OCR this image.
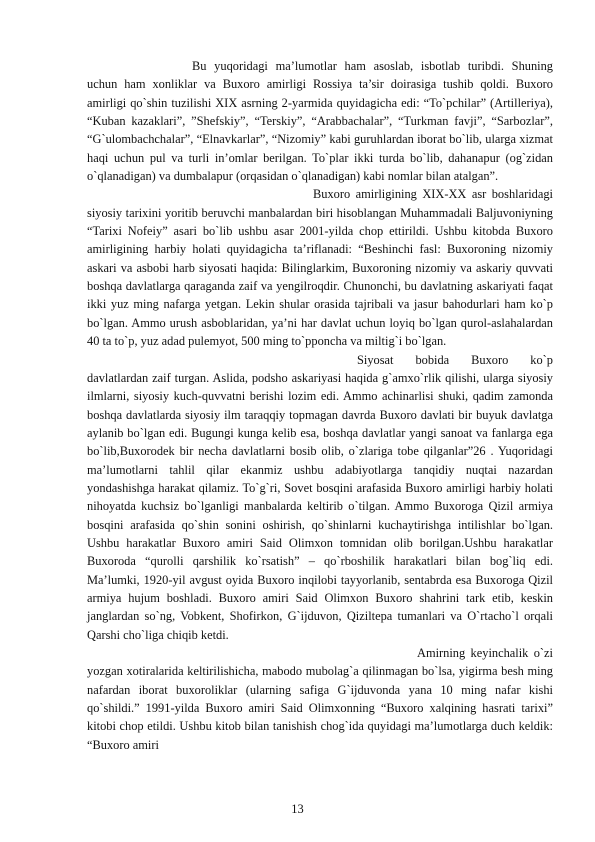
Bu yuqoridagi ma’lumotlar ham asoslab, isbotlab turibdi. Shuning uchun ham xonliklar va Buxoro amirligi Rossiya ta’sir doirasiga tushib qoldi. Buxoro amirligi qo`shin tuzilishi XIX asrning 2-yarmida quyidagicha edi: “To`pchilar” (Artilleriya), “Kuban kazaklari”, ”Shefskiy”, “Terskiy”, “Arabbachalar”, “Turkman favji”, “Sarbozlar”, “G`ulombachchalar”, “Elnavkarlar”, “Nizomiy” kabi guruhlardan iborat bo`lib, ularga xizmat haqi uchun pul va turli in’omlar berilgan. To`plar ikki turda bo`lib, dahanapur (og`zidan o`qlanadigan) va dumbalapur (orqasidan o`qlanadigan) kabi nomlar bilan atalgan”.

Buxoro amirligining XIX-XX asr boshlaridagi siyosiy tarixini yoritib beruvchi manbalardan biri hisoblangan Muhammadali Baljuvoniyning “Tarixi Nofeiy” asari bo`lib ushbu asar 2001-yilda chop ettirildi. Ushbu kitobda Buxoro amirligining harbiy holati quyidagicha ta’riflanadi: “Beshinchi fasl: Buxoroning nizomiy askari va asbobi harb siyosati haqida: Bilinglarkim, Buxoroning nizomiy va askariy quvvati boshqa davlatlarga qaraganda zaif va yengilroqdir. Chunonchi, bu davlatning askariyati faqat ikki yuz ming nafarga yetgan. Lekin shular orasida tajribali va jasur bahodurlari ham ko`p bo`lgan. Ammo urush asboblaridan, ya’ni har davlat uchun loyiq bo`lgan qurol-aslahalardan 40 ta to`p, yuz adad pulemyot, 500 ming to`pponcha va miltig`i bo`lgan.

Siyosat bobida Buxoro ko`p davlatlardan zaif turgan. Aslida, podsho askariyasi haqida g`amxo`rlik qilishi, ularga siyosiy ilmlarni, siyosiy kuch-quvvatni berishi lozim edi. Ammo achinarlisi shuki, qadim zamonda boshqa davlatlarda siyosiy ilm taraqqiy topmagan davrda Buxoro davlati bir buyuk davlatga aylanib bo`lgan edi. Bugungi kunga kelib esa, boshqa davlatlar yangi sanoat va fanlarga ega bo`lib,Buxorodek bir necha davlatlarni bosib olib, o`zlariga tobe qilganlar”26 . Yuqoridagi ma’lumotlarni tahlil qilar ekanmiz ushbu adabiyotlarga tanqidiy nuqtai nazardan yondashishga harakat qilamiz. To`g`ri, Sovet bosqini arafasida Buxoro amirligi harbiy holati nihoyatda kuchsiz bo`lganligi manbalarda keltirib o`tilgan. Ammo Buxoroga Qizil armiya bosqini arafasida qo`shin sonini oshirish, qo`shinlarni kuchaytirishga intilishlar bo`lgan. Ushbu harakatlar Buxoro amiri Said Olimxon tomnidan olib borilgan.Ushbu harakatlar Buxoroda “qurolli qarshilik ko`rsatish” – qo`rboshilik harakatlari bilan bog`liq edi. Ma’lumki, 1920-yil avgust oyida Buxoro inqilobi tayyorlanib, sentabrda esa Buxoroga Qizil armiya hujum boshladi. Buxoro amiri Said Olimxon Buxoro shahrini tark etib, keskin janglardan so`ng, Vobkent, Shofirkon, G`ijduvon, Qiziltepa tumanlari va O`rtacho`l orqali Qarshi cho`liga chiqib ketdi.

Amirning keyinchalik o`zi yozgan xotiralarida keltirilishicha, mabodo mubolag`a qilinmagan bo`lsa, yigirma besh ming nafardan iborat buxoroliklar (ularning safiga G`ijduvonda yana 10 ming nafar kishi qo`shildi.” 1991-yilda Buxoro amiri Said Olimxonning “Buxoro xalqining hasrati tarixi” kitobi chop etildi. Ushbu kitob bilan tanishish chog`ida quyidagi ma’lumotlarga duch keldik: “Buxoro amiri

13
